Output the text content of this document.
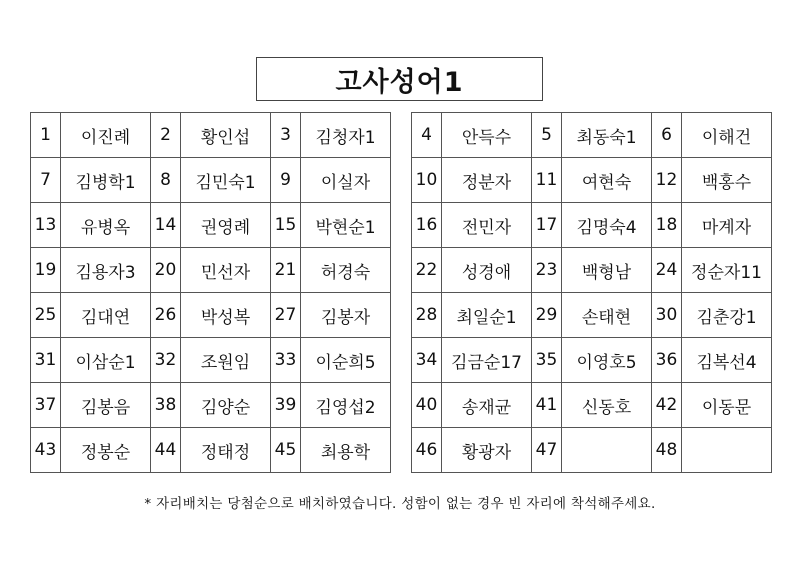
고사성어1
1	이진례	2	황인섭	3	김청자1
7	김병학1	8	김민숙1	9	이실자
13	유병옥	14	권영례	15	박현순1
19	김용자3	20	민선자	21	허경숙
25	김대연	26	박성복	27	김봉자
31	이삼순1	32	조원임	33	이순희5
37	김봉음	38	김양순	39	김영섭2
43	정봉순	44	정태정	45	최용학
4	안득수	5	최동숙1	6	이해건
10	정분자	11	여현숙	12	백홍수
16	전민자	17	김명숙4	18	마계자
22	성경애	23	백형남	24	정순자11
28	최일순1	29	손태현	30	김춘강1
34	김금순17	35	이영호5	36	김복선4
40	송재균	41	신동호	42	이동문
46	황광자	47		48	
* 자리배치는 당첨순으로 배치하였습니다. 성함이 없는 경우 빈 자리에 착석해주세요.
